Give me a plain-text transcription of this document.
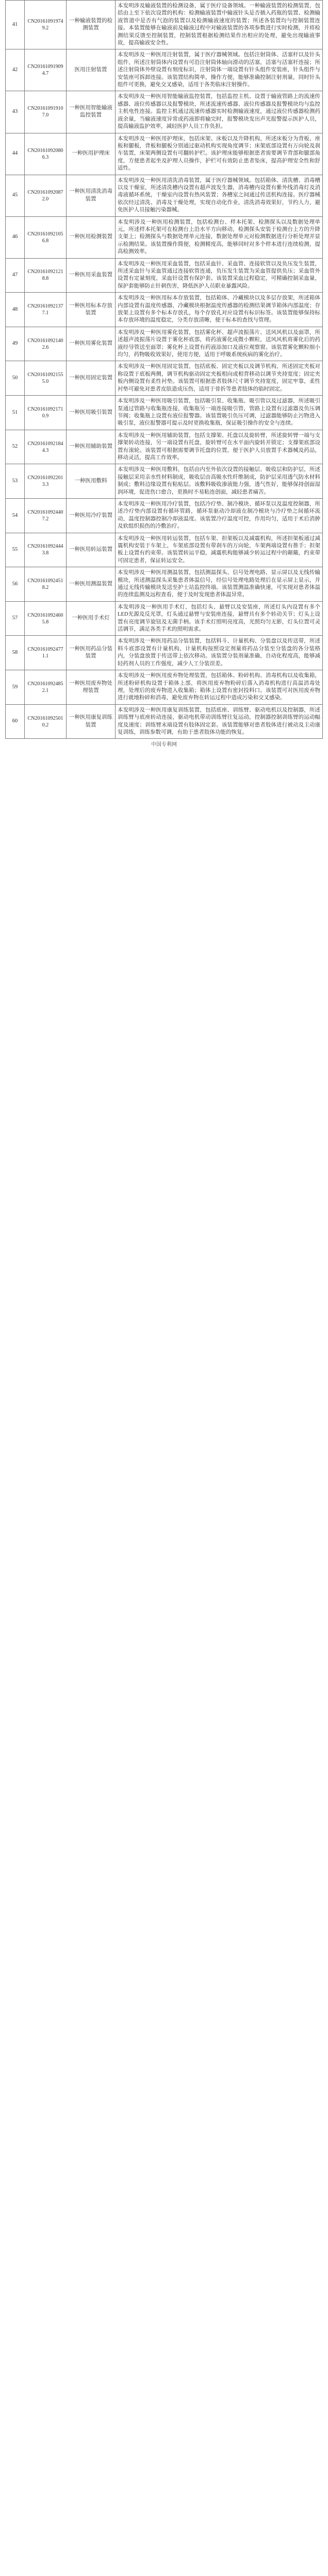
41	CN201610919749.2	一种输液装置的检测装置	本发明涉及输液装置的检测设备，属于医疗设备领域。一种输液装置的检测装置，包括由上至下依次设置的机构：检测输液装置中输液针头是否插入药瓶的装置、检测输液管道中是否有气泡的装置以及检测输液速度的装置；所述各装置均与控制装置连接。本装置能够在输液前及输液过程中对输液装置的各项参数进行实时检测，并将检测结果反馈至控制装置，控制装置根据检测结果作出相应的处理，避免出现输液事故，提高输液安全性。
42	CN201610919094.7	医用注射装置	本发明涉及一种医用注射装置，属于医疗器械领域。包括注射筒体、活塞杆以及针头组件，所述注射筒体内设置有可沿注射筒体轴向滑动的活塞，活塞与活塞杆连接；所述注射筒体外壁设置有刻度标识，注射筒体一端设置有针头组件安装座，针头组件与安装座可拆卸连接。该装置结构简单，操作方便，能够准确控制注射剂量，同时针头组件可更换，避免交叉感染，适用于各类临床注射操作。
43	CN201610919107.0	一种医用智能输液监控装置	本发明涉及一种医用智能输液监控装置，包括监控主机、设置于输液管路上的流速传感器、液位传感器以及报警模块，所述流速传感器、液位传感器及报警模块均与监控主机电性连接。监控主机通过流速传感器实时检测输液速度，通过液位传感器检测药液余量，当输液速度异常或药液即将输完时，报警模块发出声光报警提示医护人员，提高输液监护效率，减轻医护人员工作负担。
44	CN201610920806.3	一种医用护理床	本发明涉及一种医用护理床，包括床架、床板以及升降机构，所述床板分为背板、座板和腿板，背板和腿板分别通过驱动机构实现角度调节；床架底部设置有万向轮及刹车装置，床架两侧设置有可翻转护栏。该护理床能够根据患者需要调节背部和腿部角度，方便患者起坐及护理人员操作，护栏可有效防止患者坠床，提高护理安全性和舒适性。
45	CN201610920872.0	一种医用清洗消毒装置	本发明涉及一种医用清洗消毒装置，属于医疗器械领域。包括箱体、清洗槽、消毒槽以及干燥室，所述清洗槽内设置有超声波发生器，消毒槽内设置有紫外线消毒灯及消毒液循环系统，干燥室内设置有热风装置；各槽室之间通过传送机构连接。医疗器械依次经过清洗、消毒及干燥处理，实现自动化作业，清洗消毒效果好，节约人力，避免医护人员接触污染器械。
46	CN201610921056.8	一种医用检测装置	本发明涉及一种医用检测装置，包括检测台、样本托架、检测探头以及数据处理单元，所述样本托架可在检测台上沿水平方向移动，检测探头安装于检测台上方的升降支架上；检测探头与数据处理单元连接，数据处理单元对检测数据进行分析处理并显示检测结果。该装置操作简便，检测精度高，能够同时对多个样本进行连续检测，提高检测效率。
47	CN201610921218.8	一种医用采血装置	本发明涉及一种医用采血装置，包括采血针、采血管、连接软管以及负压发生装置，所述采血针与采血管通过连接软管连通，负压发生装置为采血管提供负压；采血管外设置有定量刻度，采血针设置有保护套。该装置采血过程稳定，可精确控制采血量，保护套能够防止针刺伤害，降低医护人员职业暴露风险。
48	CN201610921377.1	一种医用标本存放装置	本发明涉及一种医用标本存放装置，包括箱体、冷藏模块以及多层存放架，所述箱体内部设置有温度传感器，冷藏模块根据温度传感器的检测结果调节箱体内部温度；存放架上设置有多个标本存放孔，每个存放孔对应设置有标识标签。该装置能够保持标本存放环境的温度稳定，分类存放清晰，便于标本的查找与管理。
49	CN201610921402.6	一种医用雾化装置	本发明涉及一种医用雾化装置，包括雾化杯、超声波振荡片、送风风机以及面罩，所述超声波振荡片设置于雾化杯底部，将药液雾化成微小颗粒，送风风机将雾化后的药液经导管送至面罩；雾化杯上设置有药液添加口及液位观察窗。该装置雾化颗粒细小均匀，药物吸收效果好，使用方便，适用于呼吸系统疾病的雾化治疗。
50	CN201610921555.0	一种医用固定装置	本发明涉及一种医用固定装置，包括底板、固定夹板以及调节机构，所述固定夹板对称设置于底板两侧，调节机构驱动固定夹板相向或相背移动以调节夹持宽度；固定夹板内侧设置有柔性衬垫。该装置可根据患者肢体尺寸调节夹持宽度，固定牢靠，柔性衬垫可避免对患者皮肤造成压伤，适用于骨折等患者肢体的临时固定。
51	CN201610921710.9	一种医用吸引装置	本发明涉及一种医用吸引装置，包括吸引泵、收集瓶、吸引管以及过滤器，所述吸引泵通过管路与收集瓶连接，收集瓶另一端连接吸引管，管路上设置有过滤器及负压调节阀；收集瓶上设置有液位报警器。该装置吸引负压可调，过滤器能够防止污物进入吸引泵，液位报警器可提示及时更换收集瓶，保证吸引操作的安全与连续。
52	CN201610921844.3	一种医用辅助装置	本发明涉及一种医用辅助装置，包括支撑架、托盘以及旋转臂，所述旋转臂一端与支撑架转动连接，另一端设置有托盘，旋转臂可在水平面内旋转并锁定；支撑架底部设置有滚轮。该装置可根据需要调节托盘的位置，便于医护人员放置手术器械及药品，移动灵活，提高工作效率。
53	CN201610922013.3	一种医用敷料	本发明涉及一种医用敷料，包括由内至外依次设置的接触层、吸收层和防护层，所述接触层采用亲水性材料制成，吸收层由高吸水性纤维制成，防护层采用透气防水材料制成；敷料边缘设置有粘贴层。该敷料吸收渗液能力强，透气性好，能够保持创面湿润环境，促进伤口愈合，更换时不易粘连创面，减轻患者痛苦。
54	CN201610924407.2	一种医用冷疗装置	本发明涉及一种医用冷疗装置，包括冷疗垫、制冷模块、循环泵以及温度控制器，所述冷疗垫内部设置有循环管路，循环泵驱动冷却液在制冷模块与冷疗垫之间循环流动，温度控制器控制冷却液温度。该装置冷疗温度可控，作用均匀，适用于术后消肿及软组织损伤的冷敷治疗。
55	CN201610924443.8	一种医用转运装置	本发明涉及一种医用转运装置，包括车架、担架板以及减震机构，所述担架板通过减震机构安装于车架上，车架底部设置有带刹车的万向轮，车架两端设置有推手；担架板上设置有约束带。该装置转运平稳，减震机构能够减少转运过程中的颠簸，约束带可固定患者，保证转运安全。
56	CN201610924518.2	一种医用测温装置	本发明涉及一种医用测温装置，包括测温探头、信号处理电路、显示屏以及无线传输模块，所述测温探头采集患者体温信号，经信号处理电路处理后在显示屏上显示，并通过无线传输模块发送至护士站监控终端。该装置测温准确快速，可实现对患者体温的连续监测及远程查看，便于及时发现患者体温异常。
57	CN201610924605.8	一种医用手术灯	本发明涉及一种医用手术灯，包括灯头、悬臂以及安装座，所述灯头内设置有多个LED光源及反光罩，灯头通过悬臂与安装座连接，悬臂具有多个转动关节；灯头上设置有亮度调节旋钮及无菌手柄。该手术灯照明亮度高，光照均匀无影，灯头位置可灵活调节，满足各类手术的照明需求。
58	CN201610924771.1	一种医用药品分装装置	本发明涉及一种医用药品分装装置，包括料斗、计量机构、分装盘以及传送带，所述料斗底部设置有计量机构，计量机构按照设定剂量将药品分装至分装盘的各分装格内，分装盘放置于传送带上依次移动。该装置分装剂量准确，自动化程度高，能够减轻药剂人员的工作强度，减少人工分装误差。
59	CN201610924852.1	一种医用废弃物处理装置	本发明涉及一种医用废弃物处理装置，包括箱体、粉碎机构、消毒机构以及收集箱，所述粉碎机构设置于箱体上部，将医用废弃物粉碎后落入消毒机构进行高温消毒处理，处理后的废弃物进入收集箱；箱体上设置有密封投料口。该装置可对医用废弃物进行就地粉碎和消毒，避免废弃物在转运过程中造成污染和交叉感染。
60	CN201610925010.2	一种医用康复训练装置	本发明涉及一种医用康复训练装置，包括底座、训练臂、驱动电机以及控制器，所述训练臂与底座转动连接，驱动电机带动训练臂往复运动，控制器控制训练臂的运动幅度及速度；训练臂末端设置有肢体固定套。该装置能够对患者肢体进行被动及主动康复训练，训练参数可调，有助于患者肢体功能的恢复。
中国专利网
